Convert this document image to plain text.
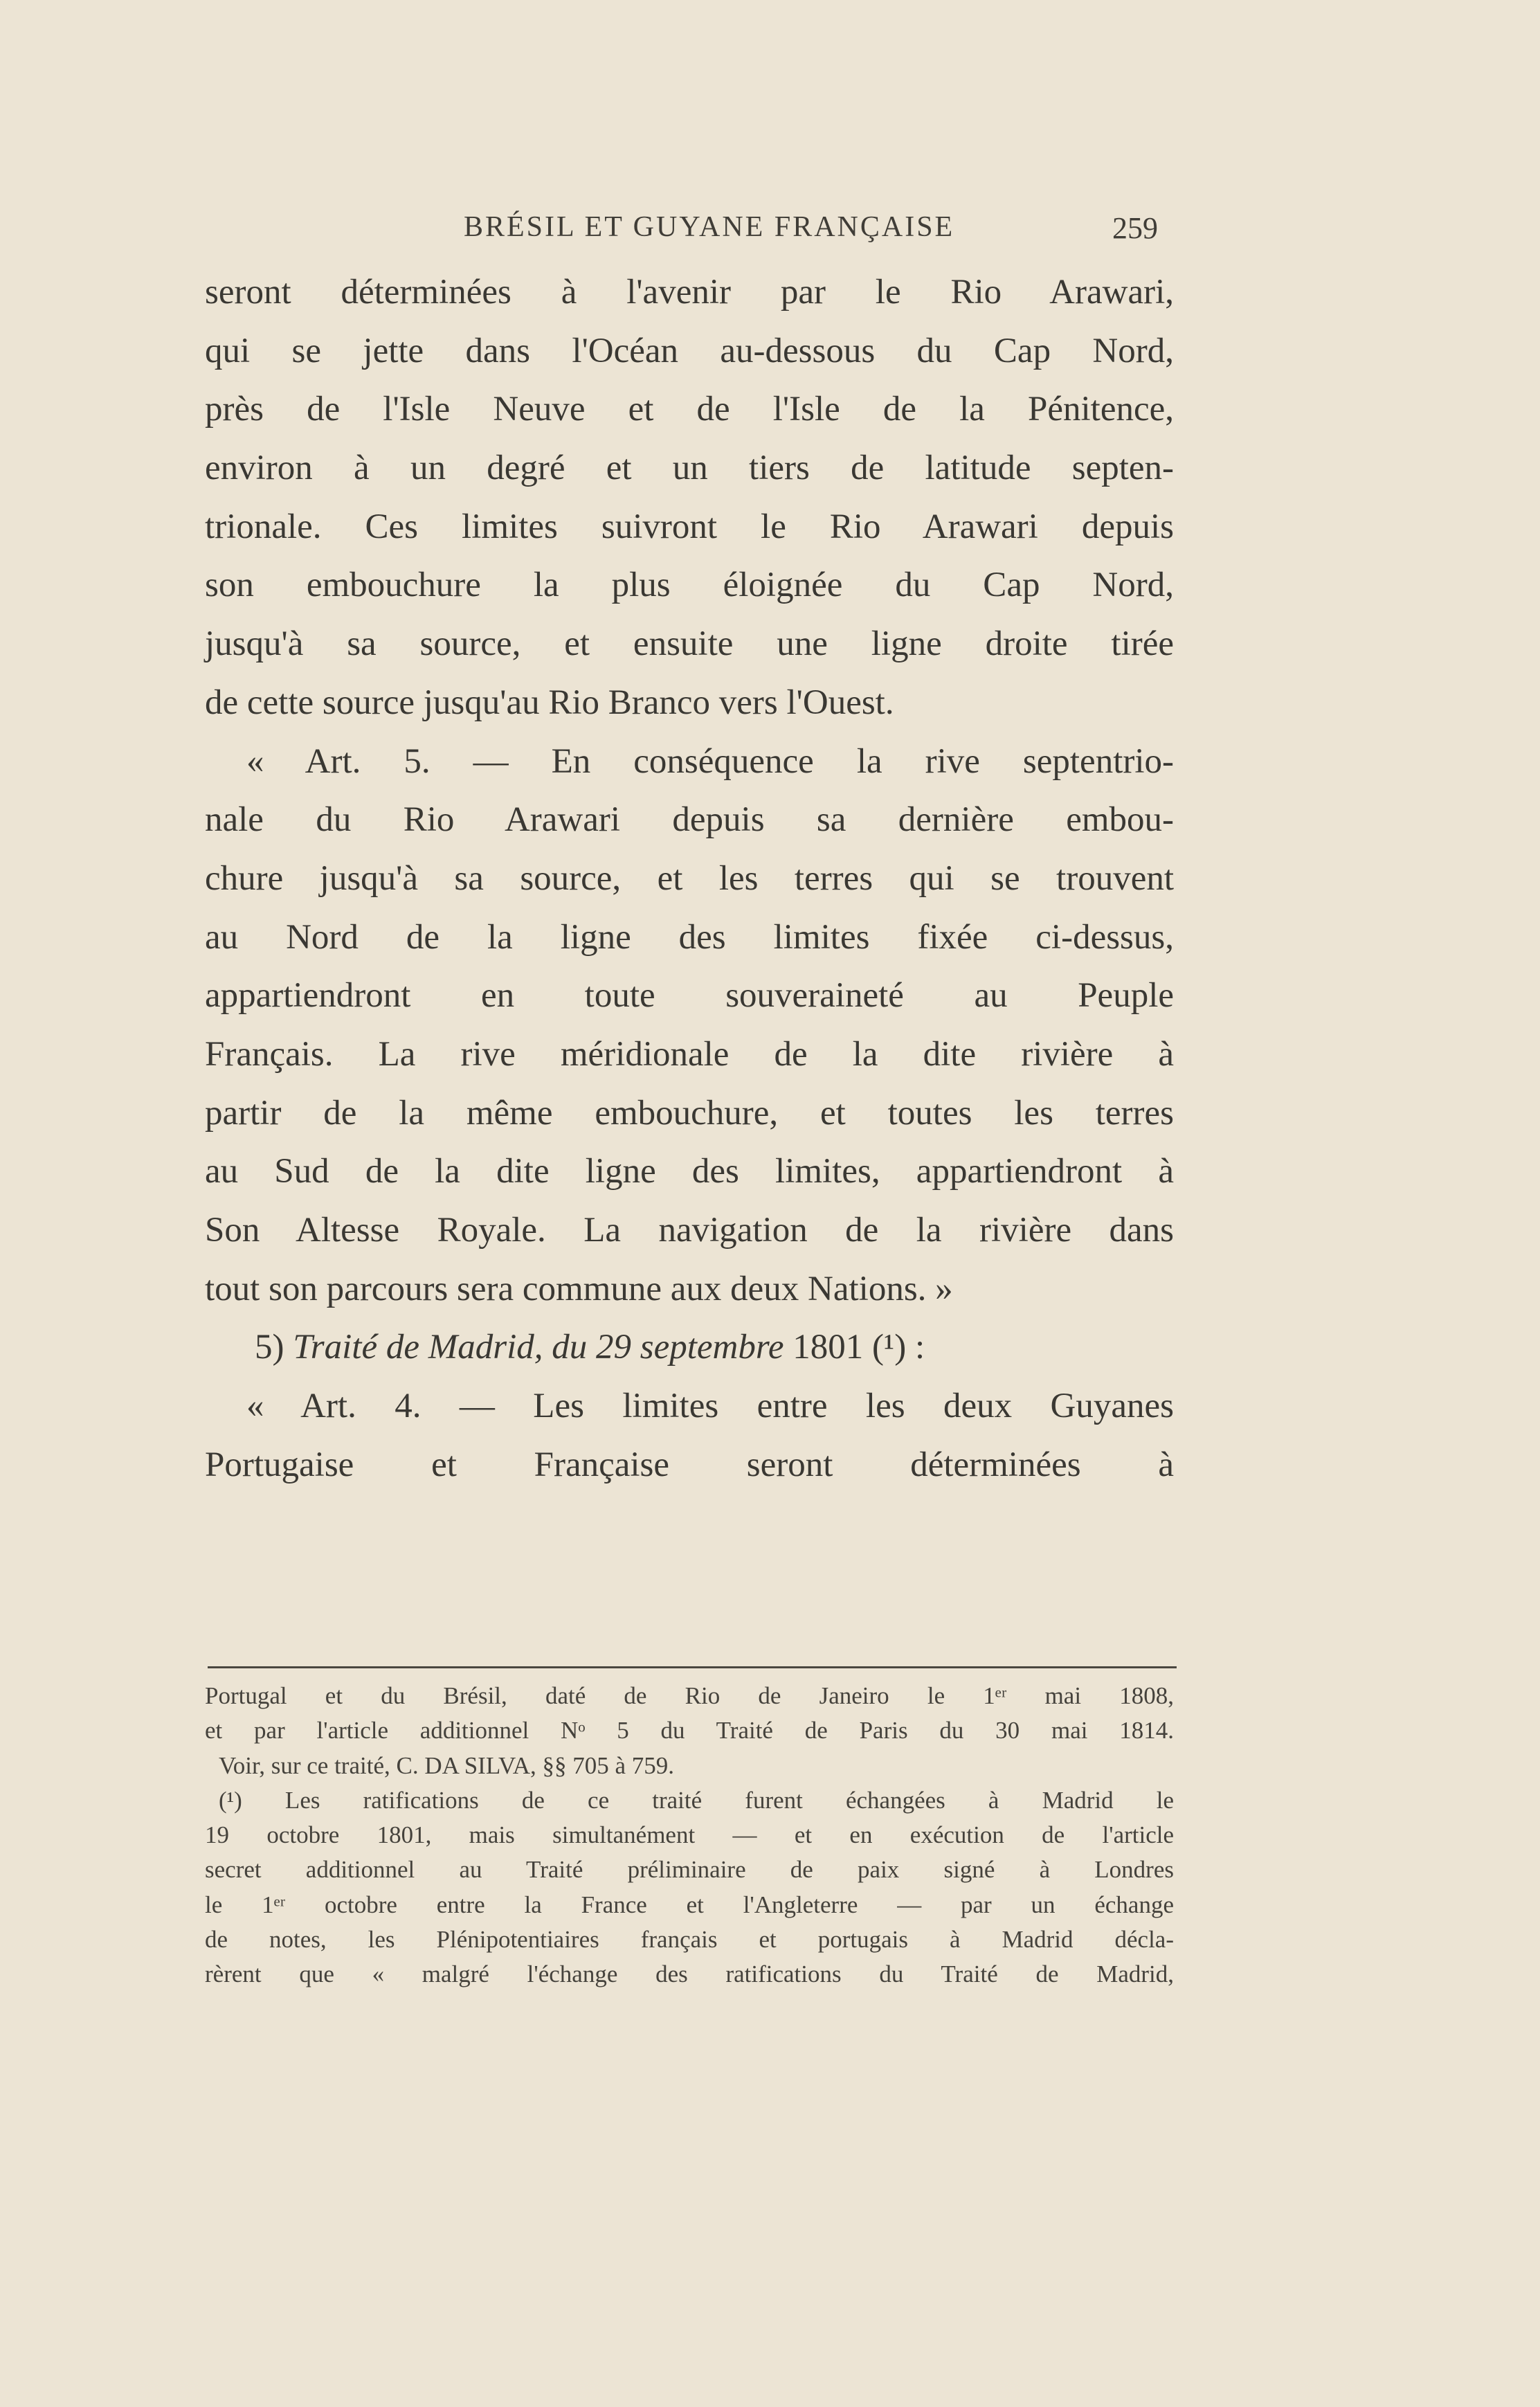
BRÉSIL ET GUYANE FRANÇAISE	259
seront déterminées à l'avenir par le Rio Arawari,
qui se jette dans l'Océan au-dessous du Cap Nord,
près de l'Isle Neuve et de l'Isle de la Pénitence,
environ à un degré et un tiers de latitude septen-
trionale. Ces limites suivront le Rio Arawari depuis
son embouchure la plus éloignée du Cap Nord,
jusqu'à sa source, et ensuite une ligne droite tirée
de cette source jusqu'au Rio Branco vers l'Ouest.
« Art. 5. — En conséquence la rive septentrio-
nale du Rio Arawari depuis sa dernière embou-
chure jusqu'à sa source, et les terres qui se trouvent
au Nord de la ligne des limites fixée ci-dessus,
appartiendront en toute souveraineté au Peuple
Français. La rive méridionale de la dite rivière à
partir de la même embouchure, et toutes les terres
au Sud de la dite ligne des limites, appartiendront à
Son Altesse Royale. La navigation de la rivière dans
tout son parcours sera commune aux deux Nations. »
5) Traité de Madrid, du 29 septembre 1801 (¹) :
« Art. 4. — Les limites entre les deux Guyanes
Portugaise et Française seront déterminées à
Portugal et du Brésil, daté de Rio de Janeiro le 1ᵉʳ mai 1808,
et par l'article additionnel Nᵒ 5 du Traité de Paris du 30 mai 1814.
Voir, sur ce traité, C. DA SILVA, §§ 705 à 759.
(¹) Les ratifications de ce traité furent échangées à Madrid le
19 octobre 1801, mais simultanément — et en exécution de l'article
secret additionnel au Traité préliminaire de paix signé à Londres
le 1ᵉʳ octobre entre la France et l'Angleterre — par un échange
de notes, les Plénipotentiaires français et portugais à Madrid décla-
rèrent que « malgré l'échange des ratifications du Traité de Madrid,
